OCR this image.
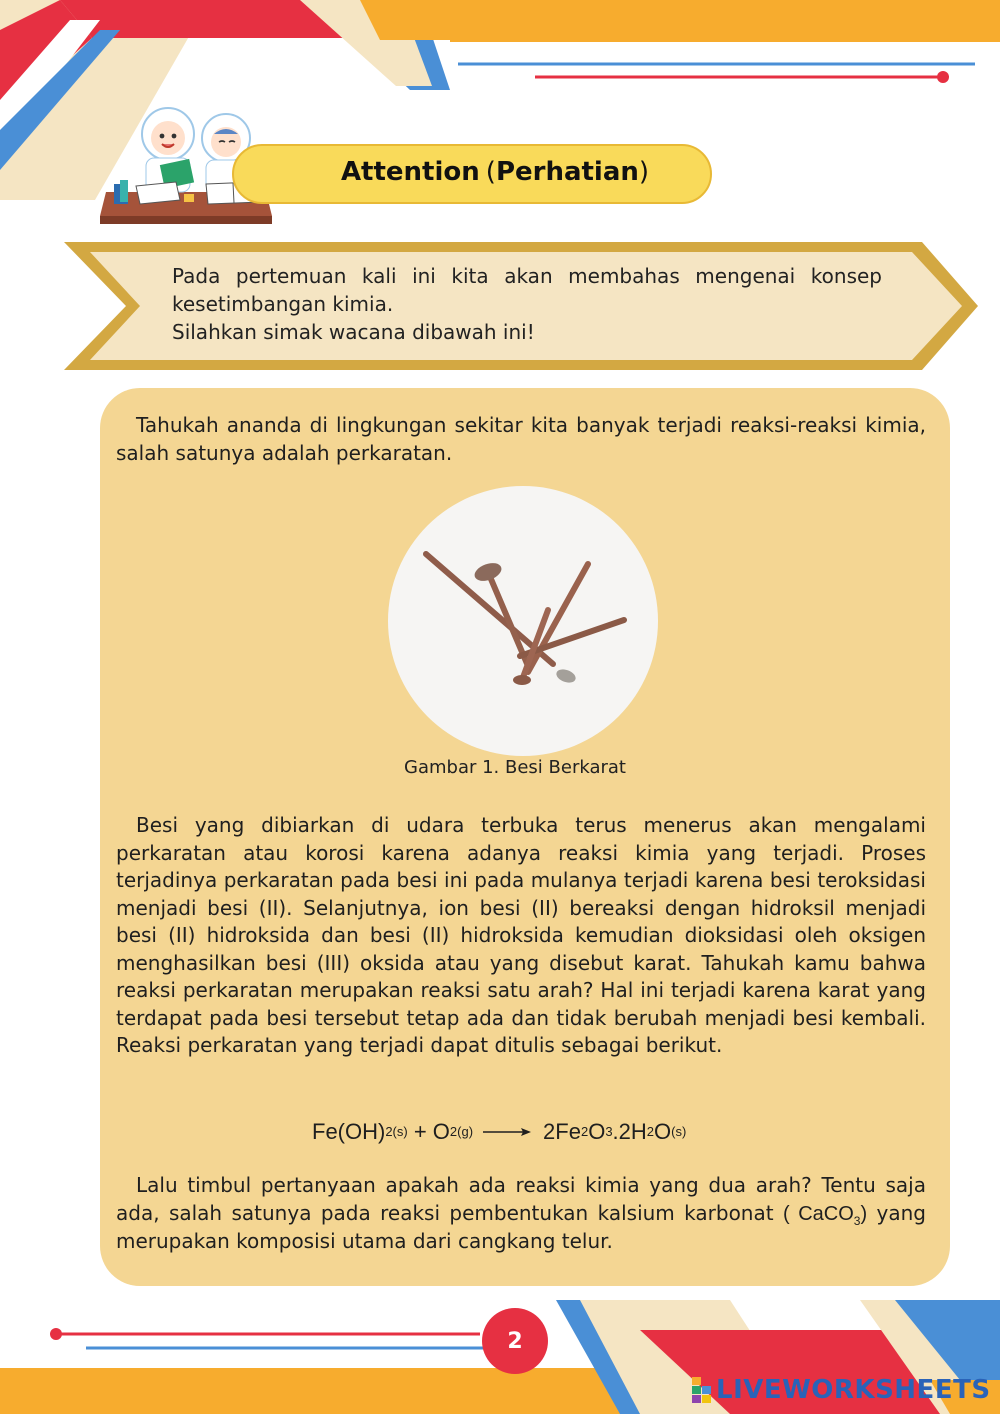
Attention ( Perhatian )

Pada pertemuan kali ini kita akan membahas mengenai konsep kesetimbangan kimia.

Silahkan simak wacana dibawah ini!

Tahukah ananda di lingkungan sekitar kita banyak terjadi reaksi-reaksi kimia, salah satunya adalah perkaratan.
Gambar 1. Besi Berkarat
Besi yang dibiarkan di udara terbuka terus menerus akan mengalami perkaratan atau korosi karena adanya reaksi kimia yang terjadi. Proses terjadinya perkaratan pada besi ini pada mulanya terjadi karena besi teroksidasi menjadi besi (II). Selanjutnya, ion besi (II) bereaksi dengan hidroksil menjadi besi (II) hidroksida dan besi (II) hidroksida kemudian dioksidasi oleh oksigen menghasilkan besi (III) oksida atau yang disebut karat. Tahukah kamu bahwa reaksi perkaratan merupakan reaksi satu arah? Hal ini terjadi karena karat yang terdapat pada besi tersebut tetap ada dan tidak berubah menjadi besi kembali. Reaksi perkaratan yang terjadi dapat ditulis sebagai berikut.
Fe(OH) 2(s) + O 2(g)	2Fe 2 O 3 .2H 2 O (s)
Lalu timbul pertanyaan apakah ada reaksi kimia yang dua arah? Tentu saja ada, salah satunya pada reaksi pembentukan kalsium karbonat ( CaCO$_3$) yang merupakan komposisi utama dari cangkang telur.
2
LIVEWORKSHEETS
